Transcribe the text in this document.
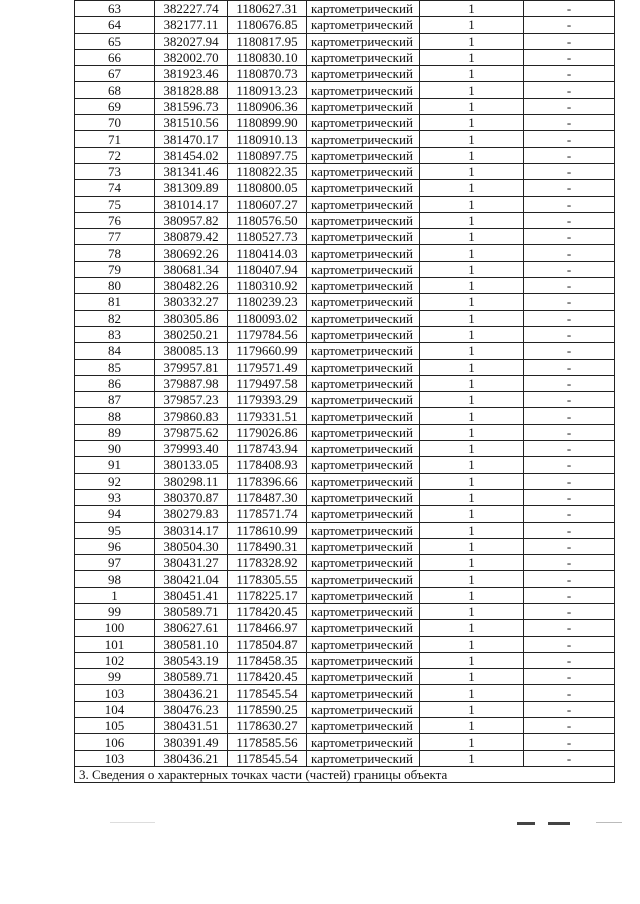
63	382227.74	1180627.31	картометрический	1	-
64	382177.11	1180676.85	картометрический	1	-
65	382027.94	1180817.95	картометрический	1	-
66	382002.70	1180830.10	картометрический	1	-
67	381923.46	1180870.73	картометрический	1	-
68	381828.88	1180913.23	картометрический	1	-
69	381596.73	1180906.36	картометрический	1	-
70	381510.56	1180899.90	картометрический	1	-
71	381470.17	1180910.13	картометрический	1	-
72	381454.02	1180897.75	картометрический	1	-
73	381341.46	1180822.35	картометрический	1	-
74	381309.89	1180800.05	картометрический	1	-
75	381014.17	1180607.27	картометрический	1	-
76	380957.82	1180576.50	картометрический	1	-
77	380879.42	1180527.73	картометрический	1	-
78	380692.26	1180414.03	картометрический	1	-
79	380681.34	1180407.94	картометрический	1	-
80	380482.26	1180310.92	картометрический	1	-
81	380332.27	1180239.23	картометрический	1	-
82	380305.86	1180093.02	картометрический	1	-
83	380250.21	1179784.56	картометрический	1	-
84	380085.13	1179660.99	картометрический	1	-
85	379957.81	1179571.49	картометрический	1	-
86	379887.98	1179497.58	картометрический	1	-
87	379857.23	1179393.29	картометрический	1	-
88	379860.83	1179331.51	картометрический	1	-
89	379875.62	1179026.86	картометрический	1	-
90	379993.40	1178743.94	картометрический	1	-
91	380133.05	1178408.93	картометрический	1	-
92	380298.11	1178396.66	картометрический	1	-
93	380370.87	1178487.30	картометрический	1	-
94	380279.83	1178571.74	картометрический	1	-
95	380314.17	1178610.99	картометрический	1	-
96	380504.30	1178490.31	картометрический	1	-
97	380431.27	1178328.92	картометрический	1	-
98	380421.04	1178305.55	картометрический	1	-
1	380451.41	1178225.17	картометрический	1	-
99	380589.71	1178420.45	картометрический	1	-
100	380627.61	1178466.97	картометрический	1	-
101	380581.10	1178504.87	картометрический	1	-
102	380543.19	1178458.35	картометрический	1	-
99	380589.71	1178420.45	картометрический	1	-
103	380436.21	1178545.54	картометрический	1	-
104	380476.23	1178590.25	картометрический	1	-
105	380431.51	1178630.27	картометрический	1	-
106	380391.49	1178585.56	картометрический	1	-
103	380436.21	1178545.54	картометрический	1	-
3. Сведения о характерных точках части (частей) границы объекта					
